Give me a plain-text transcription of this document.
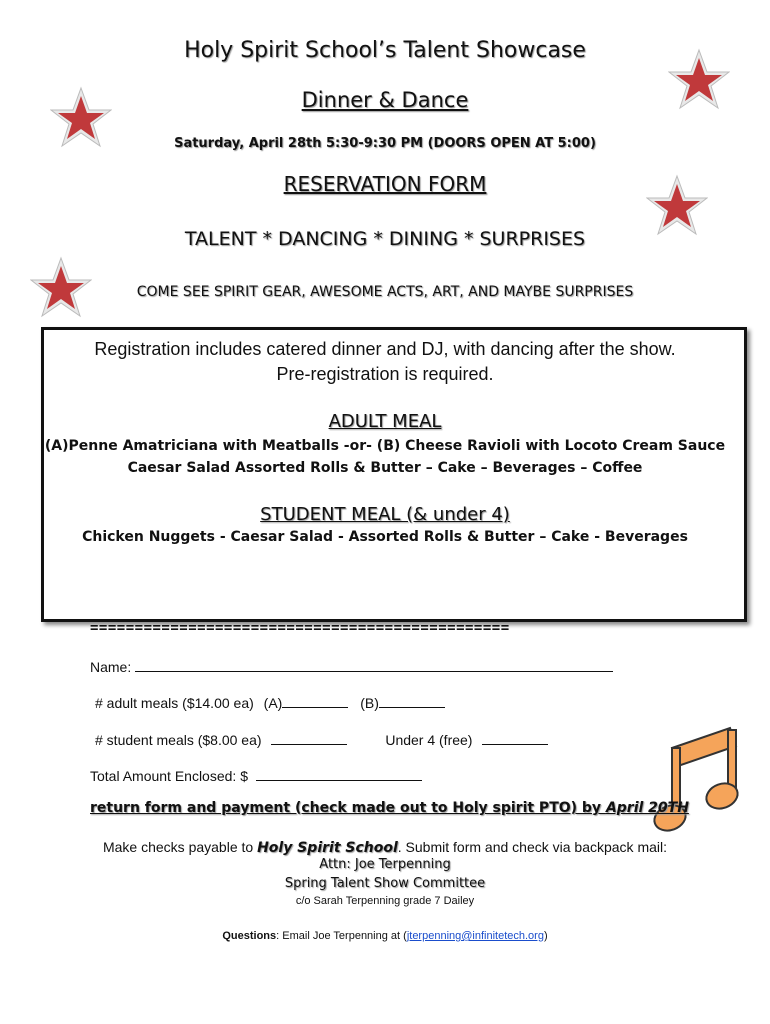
Holy Spirit School’s Talent Showcase
Dinner & Dance
Saturday, April 28th 5:30-9:30 PM (DOORS OPEN AT 5:00)
RESERVATION FORM
TALENT * DANCING * DINING * SURPRISES
COME SEE SPIRIT GEAR, AWESOME ACTS, ART, AND MAYBE SURPRISES
Registration includes catered dinner and DJ, with dancing after the show.
Pre-registration is required.
ADULT MEAL
(A)Penne Amatriciana with Meatballs -or- (B) Cheese Ravioli with Locoto Cream Sauce
Caesar Salad Assorted Rolls & Butter – Cake – Beverages – Coffee
STUDENT MEAL (& under 4)
Chicken Nuggets - Caesar Salad - Assorted Rolls & Butter – Cake - Beverages
===============================================
Name:
# adult meals ($14.00 ea) (A)	(B)
# student meals ($8.00 ea)	Under 4 (free)
Total Amount Enclosed: $
return form and payment (check made out to Holy spirit PTO) by April 20TH
Make checks payable to Holy Spirit School. Submit form and check via backpack mail:
Attn: Joe Terpenning
Spring Talent Show Committee
c/o Sarah Terpenning grade 7 Dailey
Questions: Email Joe Terpenning at (jterpenning@infinitetech.org)
